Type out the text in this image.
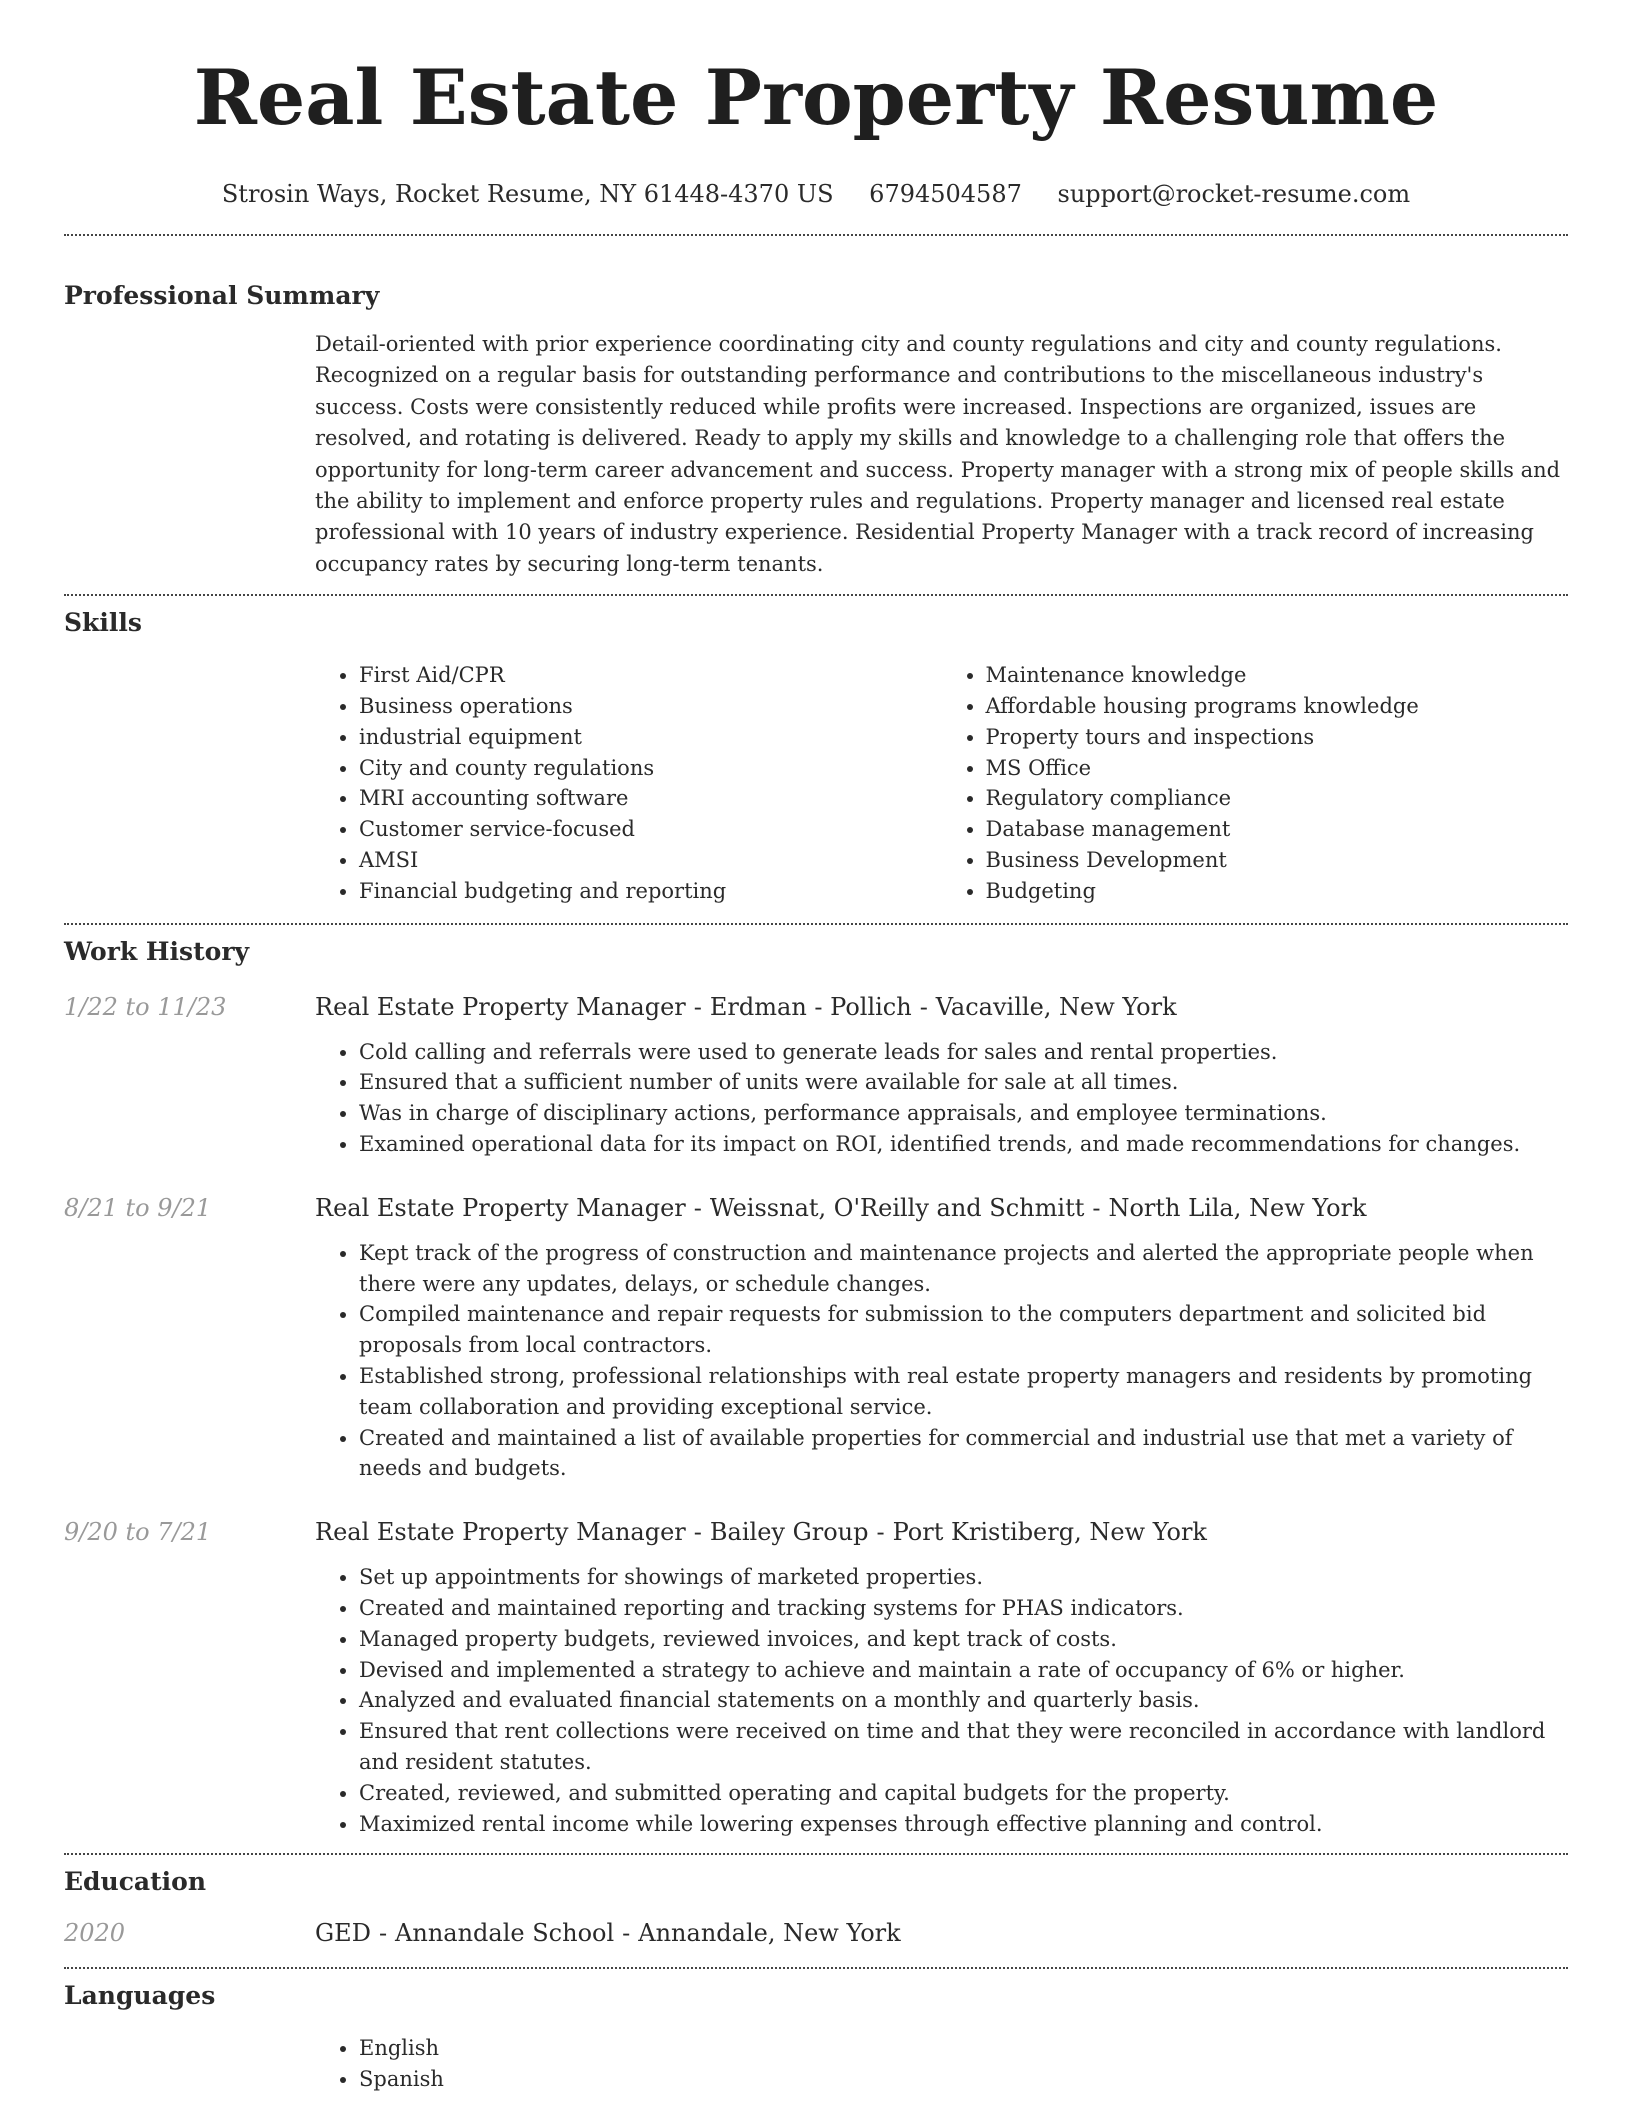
Real Estate Property Resume
Strosin Ways, Rocket Resume, NY 61448-4370 US 6794504587 support@rocket-resume.com
Professional Summary

Detail-oriented with prior experience coordinating city and county regulations and city and county regulations. Recognized on a regular basis for outstanding performance and contributions to the miscellaneous industry's success. Costs were consistently reduced while profits were increased. Inspections are organized, issues are resolved, and rotating is delivered. Ready to apply my skills and knowledge to a challenging role that offers the opportunity for long-term career advancement and success. Property manager with a strong mix of people skills and the ability to implement and enforce property rules and regulations. Property manager and licensed real estate professional with 10 years of industry experience. Residential Property Manager with a track record of increasing occupancy rates by securing long-term tenants.

Skills
• First Aid/CPR
• Business operations
• industrial equipment
• City and county regulations
• MRI accounting software
• Customer service-focused
• AMSI
• Financial budgeting and reporting
• Maintenance knowledge
• Affordable housing programs knowledge
• Property tours and inspections
• MS Office
• Regulatory compliance
• Database management
• Business Development
• Budgeting
Work History
1/22 to 11/23	Real Estate Property Manager - Erdman - Pollich - Vacaville, New York
• Cold calling and referrals were used to generate leads for sales and rental properties.
• Ensured that a sufficient number of units were available for sale at all times.
• Was in charge of disciplinary actions, performance appraisals, and employee terminations.
• Examined operational data for its impact on ROI, identified trends, and made recommendations for changes.
8/21 to 9/21	Real Estate Property Manager - Weissnat, O'Reilly and Schmitt - North Lila, New York
• Kept track of the progress of construction and maintenance projects and alerted the appropriate people when there were any updates, delays, or schedule changes.
• Compiled maintenance and repair requests for submission to the computers department and solicited bid proposals from local contractors.
• Established strong, professional relationships with real estate property managers and residents by promoting team collaboration and providing exceptional service.
• Created and maintained a list of available properties for commercial and industrial use that met a variety of needs and budgets.
9/20 to 7/21	Real Estate Property Manager - Bailey Group - Port Kristiberg, New York
• Set up appointments for showings of marketed properties.
• Created and maintained reporting and tracking systems for PHAS indicators.
• Managed property budgets, reviewed invoices, and kept track of costs.
• Devised and implemented a strategy to achieve and maintain a rate of occupancy of 6% or higher.
• Analyzed and evaluated financial statements on a monthly and quarterly basis.
• Ensured that rent collections were received on time and that they were reconciled in accordance with landlord and resident statutes.
• Created, reviewed, and submitted operating and capital budgets for the property.
• Maximized rental income while lowering expenses through effective planning and control.
Education
2020	GED - Annandale School - Annandale, New York
Languages
• English
• Spanish
